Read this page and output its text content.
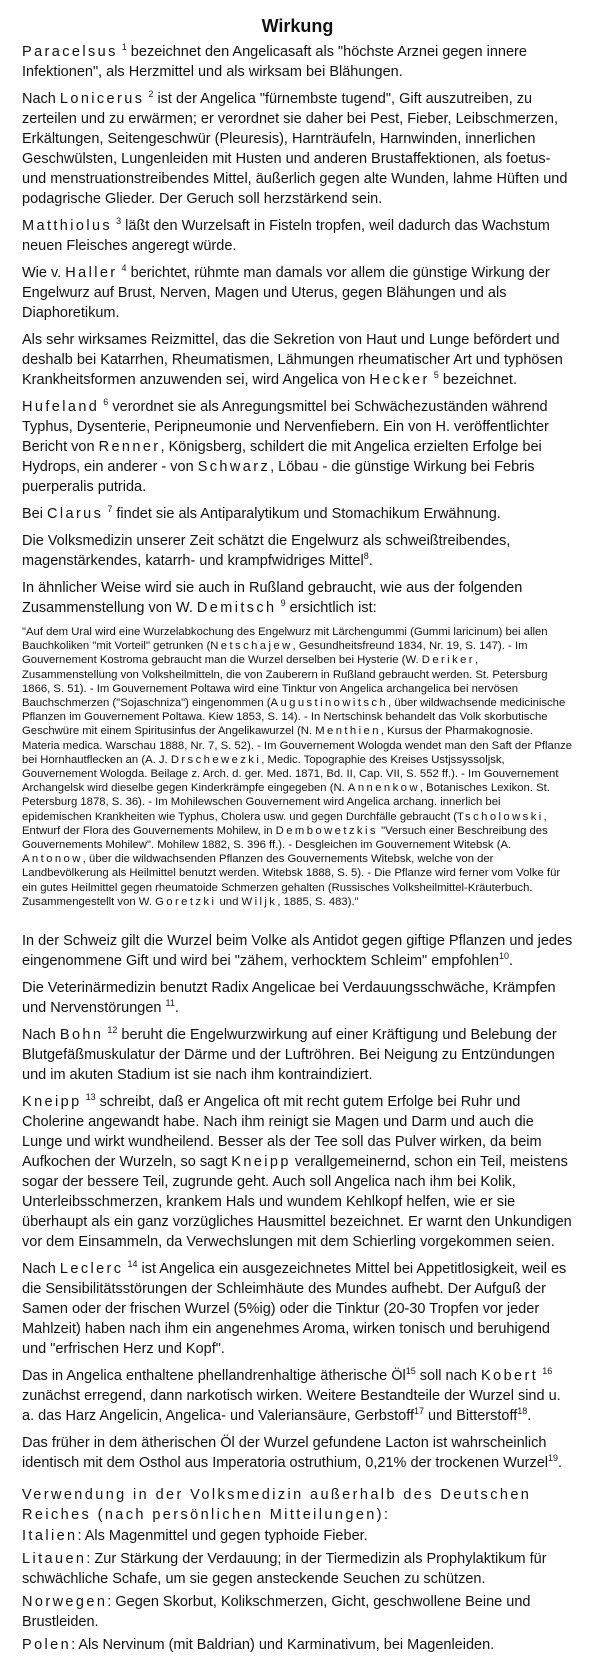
Wirkung

Paracelsus $^1$ bezeichnet den Angelicasaft als "höchste Arznei gegen innere Infektionen", als Herzmittel und als wirksam bei Blähungen.

Nach Lonicerus $^2$ ist der Angelica "fürnembste tugend", Gift auszutreiben, zu zerteilen und zu erwärmen; er verordnet sie daher bei Pest, Fieber, Leibschmerzen, Erkältungen, Seitengeschwür (Pleuresis), Harnträufeln, Harnwinden, innerlichen Geschwülsten, Lungenleiden mit Husten und anderen Brustaffektionen, als foetus- und menstruationstreibendes Mittel, äußerlich gegen alte Wunden, lahme Hüften und podagrische Glieder. Der Geruch soll herzstärkend sein.

Matthiolus $^3$ läßt den Wurzelsaft in Fisteln tropfen, weil dadurch das Wachstum neuen Fleisches angeregt würde.

Wie v. Haller $^4$ berichtet, rühmte man damals vor allem die günstige Wirkung der Engelwurz auf Brust, Nerven, Magen und Uterus, gegen Blähungen und als Diaphoretikum.

Als sehr wirksames Reizmittel, das die Sekretion von Haut und Lunge befördert und deshalb bei Katarrhen, Rheumatismen, Lähmungen rheumatischer Art und typhösen Krankheitsformen anzuwenden sei, wird Angelica von Hecker $^5$ bezeichnet.

Hufeland $^6$ verordnet sie als Anregungsmittel bei Schwächezuständen während Typhus, Dysenterie, Peripneumonie und Nervenfiebern. Ein von H. veröffentlichter Bericht von Renner, Königsberg, schildert die mit Angelica erzielten Erfolge bei Hydrops, ein anderer - von Schwarz, Löbau - die günstige Wirkung bei Febris puerperalis putrida.

Bei Clarus $^7$ findet sie als Antiparalytikum und Stomachikum Erwähnung.

Die Volksmedizin unserer Zeit schätzt die Engelwurz als schweißtreibendes, magenstärkendes, katarrh- und krampfwidriges Mittel$^8$.

In ähnlicher Weise wird sie auch in Rußland gebraucht, wie aus der folgenden Zusammenstellung von W. Demitsch $^9$ ersichtlich ist:

"Auf dem Ural wird eine Wurzelabkochung des Engelwurz mit Lärchengummi (Gummi laricinum) bei allen Bauchkoliken "mit Vorteil" getrunken (Netschajew, Gesundheitsfreund 1834, Nr. 19, S. 147). - Im Gouvernement Kostroma gebraucht man die Wurzel derselben bei Hysterie (W. Deriker, Zusammenstellung von Volksheilmitteln, die von Zauberern in Rußland gebraucht werden. St. Petersburg 1866, S. 51). - Im Gouvernement Poltawa wird eine Tinktur von Angelica archangelica bei nervösen Bauchschmerzen ("Sojaschniza") eingenommen (Augustinowitsch, über wildwachsende medicinische Pflanzen im Gouvernement Poltawa. Kiew 1853, S. 14). - In Nertschinsk behandelt das Volk skorbutische Geschwüre mit einem Spiritusinfus der Angelikawurzel (N. Menthien, Kursus der Pharmakognosie. Materia medica. Warschau 1888, Nr. 7, S. 52). - Im Gouvernement Wologda wendet man den Saft der Pflanze bei Hornhautflecken an (A. J. Drschewezki, Medic. Topographie des Kreises Ustjssyssoljsk, Gouvernement Wologda. Beilage z. Arch. d. ger. Med. 1871, Bd. II, Cap. VII, S. 552 ff.). - Im Gouvernement Archangelsk wird dieselbe gegen Kinderkrämpfe eingegeben (N. Annenkow, Botanisches Lexikon. St. Petersburg 1878, S. 36). - Im Mohilewschen Gouvernement wird Angelica archang. innerlich bei epidemischen Krankheiten wie Typhus, Cholera usw. und gegen Durchfälle gebraucht (Tscholowski, Entwurf der Flora des Gouvernements Mohilew, in Dembowetzkis "Versuch einer Beschreibung des Gouvernements Mohilew". Mohilew 1882, S. 396 ff.). - Desgleichen im Gouvernement Witebsk (A. Antonow, über die wildwachsenden Pflanzen des Gouvernements Witebsk, welche von der Landbevölkerung als Heilmittel benutzt werden. Witebsk 1888, S. 5). - Die Pflanze wird ferner vom Volke für ein gutes Heilmittel gegen rheumatoide Schmerzen gehalten (Russisches Volksheilmittel-Kräuterbuch. Zusammengestellt von W. Goretzki und Wiljk, 1885, S. 483)."

In der Schweiz gilt die Wurzel beim Volke als Antidot gegen giftige Pflanzen und jedes eingenommene Gift und wird bei "zähem, verhocktem Schleim" empfohlen$^{10}$.

Die Veterinärmedizin benutzt Radix Angelicae bei Verdauungsschwäche, Krämpfen und Nervenstörungen $^{11}$.

Nach Bohn $^{12}$ beruht die Engelwurzwirkung auf einer Kräftigung und Belebung der Blutgefäßmuskulatur der Därme und der Luftröhren. Bei Neigung zu Entzündungen und im akuten Stadium ist sie nach ihm kontraindiziert.

Kneipp $^{13}$ schreibt, daß er Angelica oft mit recht gutem Erfolge bei Ruhr und Cholerine angewandt habe. Nach ihm reinigt sie Magen und Darm und auch die Lunge und wirkt wundheilend. Besser als der Tee soll das Pulver wirken, da beim Aufkochen der Wurzeln, so sagt Kneipp verallgemeinernd, schon ein Teil, meistens sogar der bessere Teil, zugrunde geht. Auch soll Angelica nach ihm bei Kolik, Unterleibsschmerzen, krankem Hals und wundem Kehlkopf helfen, wie er sie überhaupt als ein ganz vorzügliches Hausmittel bezeichnet. Er warnt den Unkundigen vor dem Einsammeln, da Verwechslungen mit dem Schierling vorgekommen seien.

Nach Leclerc $^{14}$ ist Angelica ein ausgezeichnetes Mittel bei Appetitlosigkeit, weil es die Sensibilitätsstörungen der Schleimhäute des Mundes aufhebt. Der Aufguß der Samen oder der frischen Wurzel (5%ig) oder die Tinktur (20-30 Tropfen vor jeder Mahlzeit) haben nach ihm ein angenehmes Aroma, wirken tonisch und beruhigend und "erfrischen Herz und Kopf".

Das in Angelica enthaltene phellandrenhaltige ätherische $Öl^{15}$ soll nach Kobert $^{16}$ zunächst erregend, dann narkotisch wirken. Weitere Bestandteile der Wurzel sind u. a. das Harz Angelicin, Angelica- und Valeriansäure, Gerbstoff$^{17}$ und Bitterstoff$^{18}$.

Das früher in dem ätherischen Öl der Wurzel gefundene Lacton ist wahrscheinlich identisch mit dem Osthol aus Imperatoria ostruthium, 0,21% der trockenen Wurzel$^{19}$.

Verwendung in der Volksmedizin außerhalb des Deutschen Reiches (nach persönlichen Mitteilungen):

Italien: Als Magenmittel und gegen typhoide Fieber.

Litauen: Zur Stärkung der Verdauung; in der Tiermedizin als Prophylaktikum für schwächliche Schafe, um sie gegen ansteckende Seuchen zu schützen.

Norwegen: Gegen Skorbut, Kolikschmerzen, Gicht, geschwollene Beine und Brustleiden.

Polen: Als Nervinum (mit Baldrian) und Karminativum, bei Magenleiden.
